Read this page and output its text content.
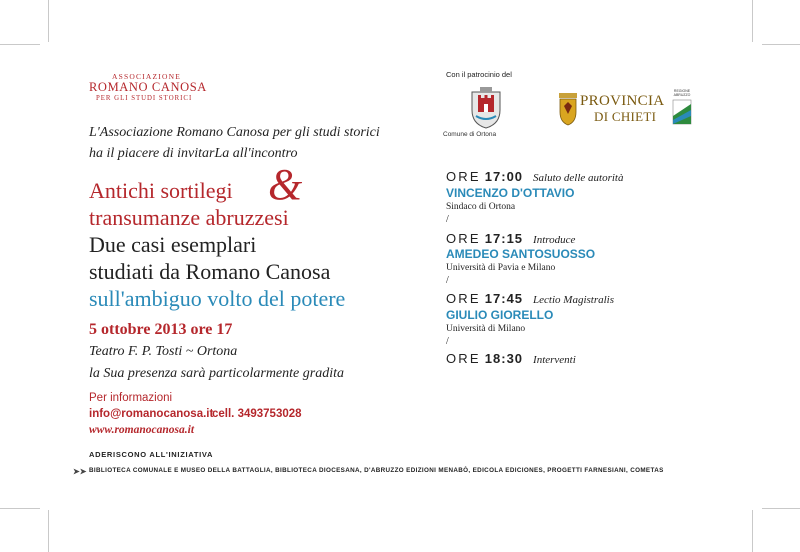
ASSOCIAZIONE
ROMANO CANOSA
PER GLI STUDI STORICI
L'Associazione Romano Canosa per gli studi storici
ha il piacere di invitarLa all'incontro
Antichi sortilegi &
transumanze abruzzesi
Due casi esemplari
studiati da Romano Canosa
sull'ambiguo volto del potere
5 ottobre 2013 ore 17
Teatro F. P. Tosti ~ Ortona
la Sua presenza sarà particolarmente gradita
Per informazioni
info@romanocanosa.it
cell. 3493753028
www.romanocanosa.it
Con il patrocinio del
Comune di Ortona
PROVINCIA
DI CHIETI
REGIONE ABRUZZO
ORE 17:00 Saluto delle autorità
VINCENZO D'OTTAVIO
Sindaco di Ortona
/
ORE 17:15 Introduce
AMEDEO SANTOSUOSSO
Università di Pavia e Milano
/
ORE 17:45 Lectio Magistralis
GIULIO GIORELLO
Università di Milano
/
ORE 18:30 Interventi
ADERISCONO ALL'INIZIATIVA
➤➤ BIBLIOTECA COMUNALE E MUSEO DELLA BATTAGLIA, BIBLIOTECA DIOCESANA, D'ABRUZZO EDIZIONI MENABÒ, EDICOLA EDICIONES, PROGETTI FARNESIANI, COMETAS
